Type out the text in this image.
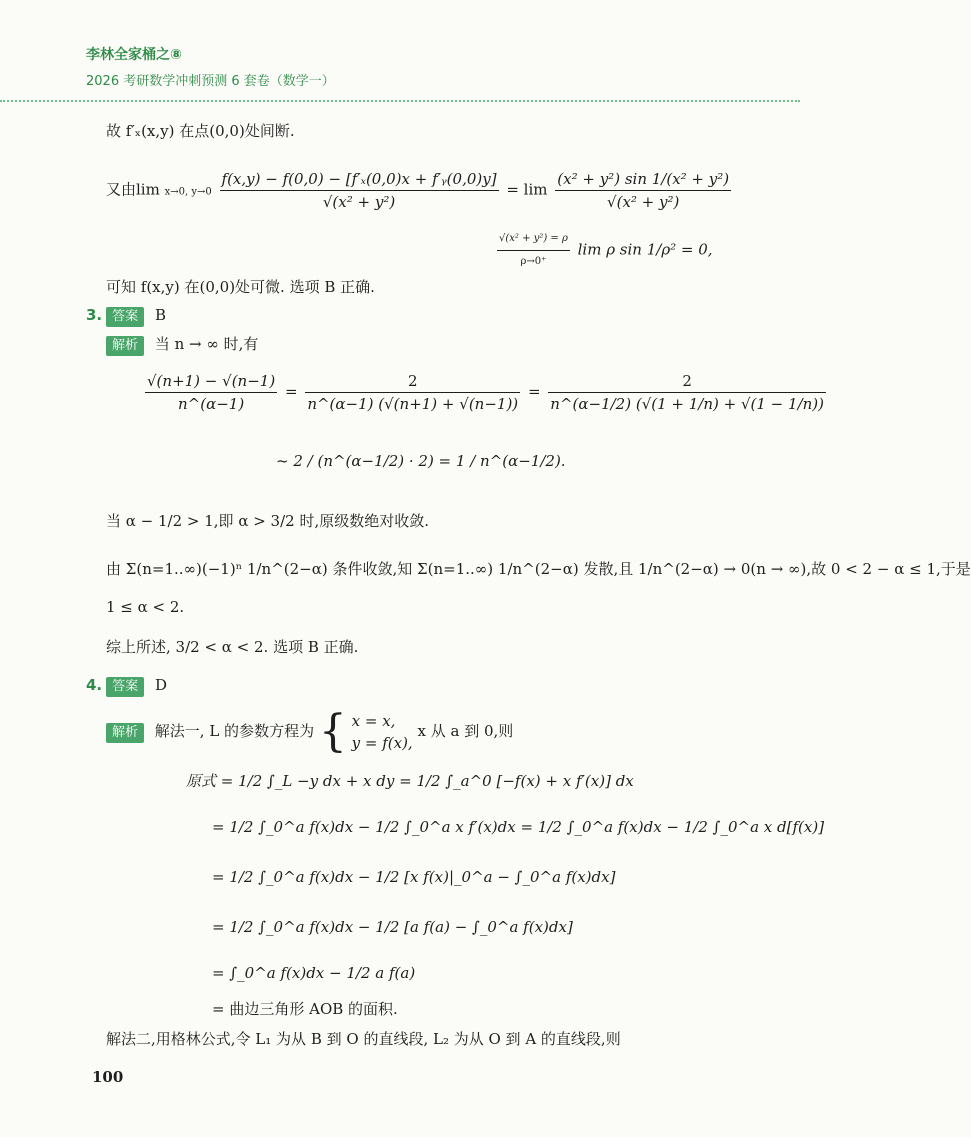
李林全家桶之⑧
2026 考研数学冲刺预测 6 套卷（数学一）
故 f′ₓ(x,y) 在点(0,0)处间断.
又由lim x→0, $y\to 0 \frac{\text{f(x,y) − f(0,0) − [f′ₓ(0,0)x + f′ᵧ(0,0)y]}}{\text{√(x² + y²)}} = \lim \frac{\text{(x² + y²) sin 1/(x² + y²)}}{\text{√(x² + y²)}}$
$\frac{\text{√(x² + y²) = ρ}}{\rho\to 0^+}$ lim ρ sin 1/ρ² = 0,
可知 f(x,y) 在(0,0)处可微. 选项 B 正确.
3. 答案 B
解析 当 n → ∞ 时,有
$\frac{√(n+1) - √(n-1)}{n\^{}(\alpha-1)} = \frac{2}{n\^{}(\alpha-1) (√(n+1) + √(n-1))} = \frac{2}{n\^{}(\alpha-1/2) (√(1 + 1/n) + √(1 - 1/n))}$
~ 2 / (n^(α−1/2) · 2) = 1 / n^(α−1/2).
当 α − 1/2 > 1,即 α > 3/2 时,原级数绝对收敛.
由 Σ(n=1..∞)(−1)ⁿ 1/n^(2−α) 条件收敛,知 Σ(n=1..∞) 1/n^(2−α) 发散,且 1/n^(2−α) → 0(n → ∞),故 0 < 2 − α ≤ 1,于是
1 ≤ α < 2.
综上所述, 3/2 < α < 2. 选项 B 正确.
4. 答案 D
解析 解法一, L 的参数方程为 { x = x,
y = f(x),
x 从 a 到 0,则
原式 = 1/2 ∫_L −y dx + x dy = 1/2 ∫_a^0 [−f(x) + x f′(x)] dx
= 1/2 ∫_0^a f(x)dx − 1/2 ∫_0^a x f′(x)dx = 1/2 ∫_0^a f(x)dx − 1/2 ∫_0^a x d[f(x)]
= 1/2 ∫_0^a f(x)dx − 1/2 [x f(x)|_0^a − ∫_0^a f(x)dx]
= 1/2 ∫_0^a f(x)dx − 1/2 [a f(a) − ∫_0^a f(x)dx]
= ∫_0^a f(x)dx − 1/2 a f(a)
= 曲边三角形 AOB 的面积.
解法二,用格林公式,令 L₁ 为从 B 到 O 的直线段, L₂ 为从 O 到 A 的直线段,则
100
